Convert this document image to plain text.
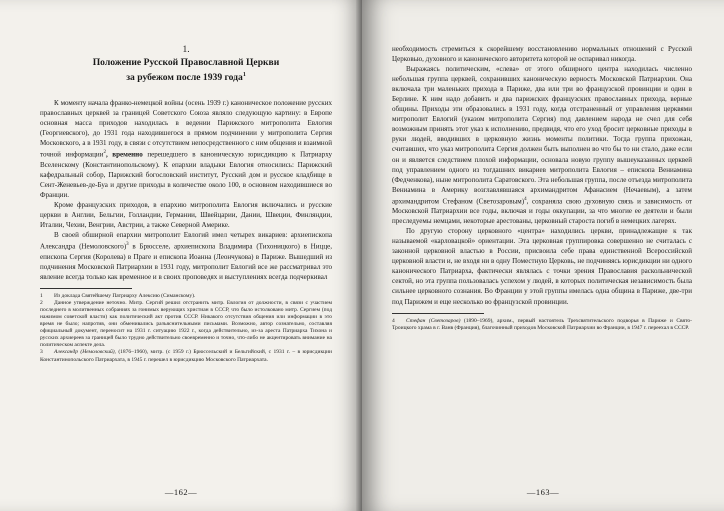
1.
Положение Русской Православной Церкви
за рубежом после 1939 года$^1$

К моменту начала франко-немецкой войны (осень 1939 г.) каноническое положение русских православных церквей за границей Советского Союза являло следующую картину: в Европе основная масса приходов находилась в ведении Парижского митрополита Евлогия (Георгиевского), до 1931 года находившегося в прямом подчинении у митрополита Сергия Московского, а в 1931 году, в связи с отсутствием непосредственного с ним общения и взаимной точной информации$^2$, временно перешедшего в каноническую юрисдикцию к Патриарху Вселенскому (Константинопольскому). К епархии владыки Евлогия относились: Парижский кафедральный собор, Парижский богословский институт, Русский дом и русское кладбище в Сент-Женевьев-де-Буа и другие приходы в количестве около 100, в основном находившиеся во Франции.

Кроме французских приходов, в епархию митрополита Евлогия включались и русские церкви в Англии, Бельгии, Голландии, Германии, Швейцарии, Дании, Швеции, Финляндии, Италии, Чехии, Венгрии, Австрии, а также Северной Америке.

В своей обширной епархии митрополит Евлогий имел четырех викариев: архиепископа Александра (Немоловского)$^3$ в Брюсселе, архиепископа Владимира (Тихоницкого) в Ницце, епископа Сергия (Королева) в Праге и епископа Иоанна (Леончукова) в Париже. Вышедший из подчинения Московской Патриархии в 1931 году, митрополит Евлогий все же рассматривал это явление всегда только как временное и в своих проповедях и выступлениях всегда подчеркивал

1 Из доклада Святейшему Патриарху Алексию (Симанскому).

2 Данное утверждение неточно. Митр. Сергий решил отстранить митр. Евлогия от должности, в связи с участием последнего в молитвенных собраниях за гонимых верующих христиан в СССР, что было истолковано митр. Сергием (под нажимом советской власти) как политический акт против СССР. Никакого отсутствия общения или информации в это время не было; напротив, они обменивались разъяснительными письмами. Возможно, автор сознательно, составляя официальный документ, переносит на 1931 г. ситуацию 1922 г., когда действительно, из-за ареста Патриарха Тихона и русских архиереев за границей было трудно действительно своевременно и точно, что-либо не акцентировать внимание на политическом аспекте дела.

3 Александр (Немоловский), (1876–1960), митр. (с 1959 г.) Брюссельский и Бельгийский, с 1931 г. – в юрисдикции Константинопольского Патриархата, в 1945 г. перешел в юрисдикцию Московского Патриархата.

—162—

необходимость стремиться к скорейшему восстановлению нормальных отношений с Русской Церковью, духовного и канонического авторитета которой не оспаривал никогда.

Выражаясь политическим, «слева» от этого обширного центра находилась численно небольшая группа церквей, сохранивших каноническую верность Московской Патриархии. Она включала три маленьких прихода в Париже, два или три во французской провинции и один в Берлине. К ним надо добавить и два парижских французских православных прихода, верные общины. Приходы эти образовались в 1931 году, когда отстраненный от управления церквями митрополит Евлогий (указом митрополита Сергия) под давлением народа не счел для себя возможным принять этот указ к исполнению, предвидя, что его уход бросит церковные приходы в руки людей, вводивших в церковную жизнь моменты политики. Тогда группа прихожан, считавших, что указ митрополита Сергия должен быть выполнен во что бы то ни стало, даже если он и является следствием плохой информации, основала новую группу вышеуказанных церквей под управлением одного из тогдашних викариев митрополита Евлогия – епископа Вениамина (Федченкова), ныне митрополита Саратовского. Эта небольшая группа, после отъезда митрополита Вениамина в Америку возглавлявшаяся архимандритом Афанасием (Нечаевым), а затем архимандритом Стефаном (Светозаровым)$^4$, сохраняла свою духовную связь и зависимость от Московской Патриархии все годы, включая и годы оккупации, за что многие ее деятели и были преследуемы немцами, некоторые арестованы, церковный староста погиб в немецких лагерях.

По другую сторону церковного «центра» находились церкви, принадлежащие к так называемой «карловацкой» ориентации. Эта церковная группировка совершенно не считалась с законной церковной властью в России, присвоила себе права единственной Всероссийской церковной власти и, не входя ни в одну Поместную Церковь, не подчиняясь юрисдикции ни одного канонического Патриарха, фактически являлась с точки зрения Православия раскольнической сектой, но эта группа пользовалась успехом у людей, в которых политическая независимость была сильнее церковного сознания. Во Франции у этой группы имелась одна община в Париже, две-три под Парижем и еще несколько во французской провинции.

4 Стефан (Светозаров) (1890–1969), архим., первый настоятель Трехсвятительского подворья в Париже и Свято-Троицкого храма в г. Ванв (Франция), благочинный приходов Московской Патриархии во Франции, в 1947 г. переехал в СССР.

—163—
